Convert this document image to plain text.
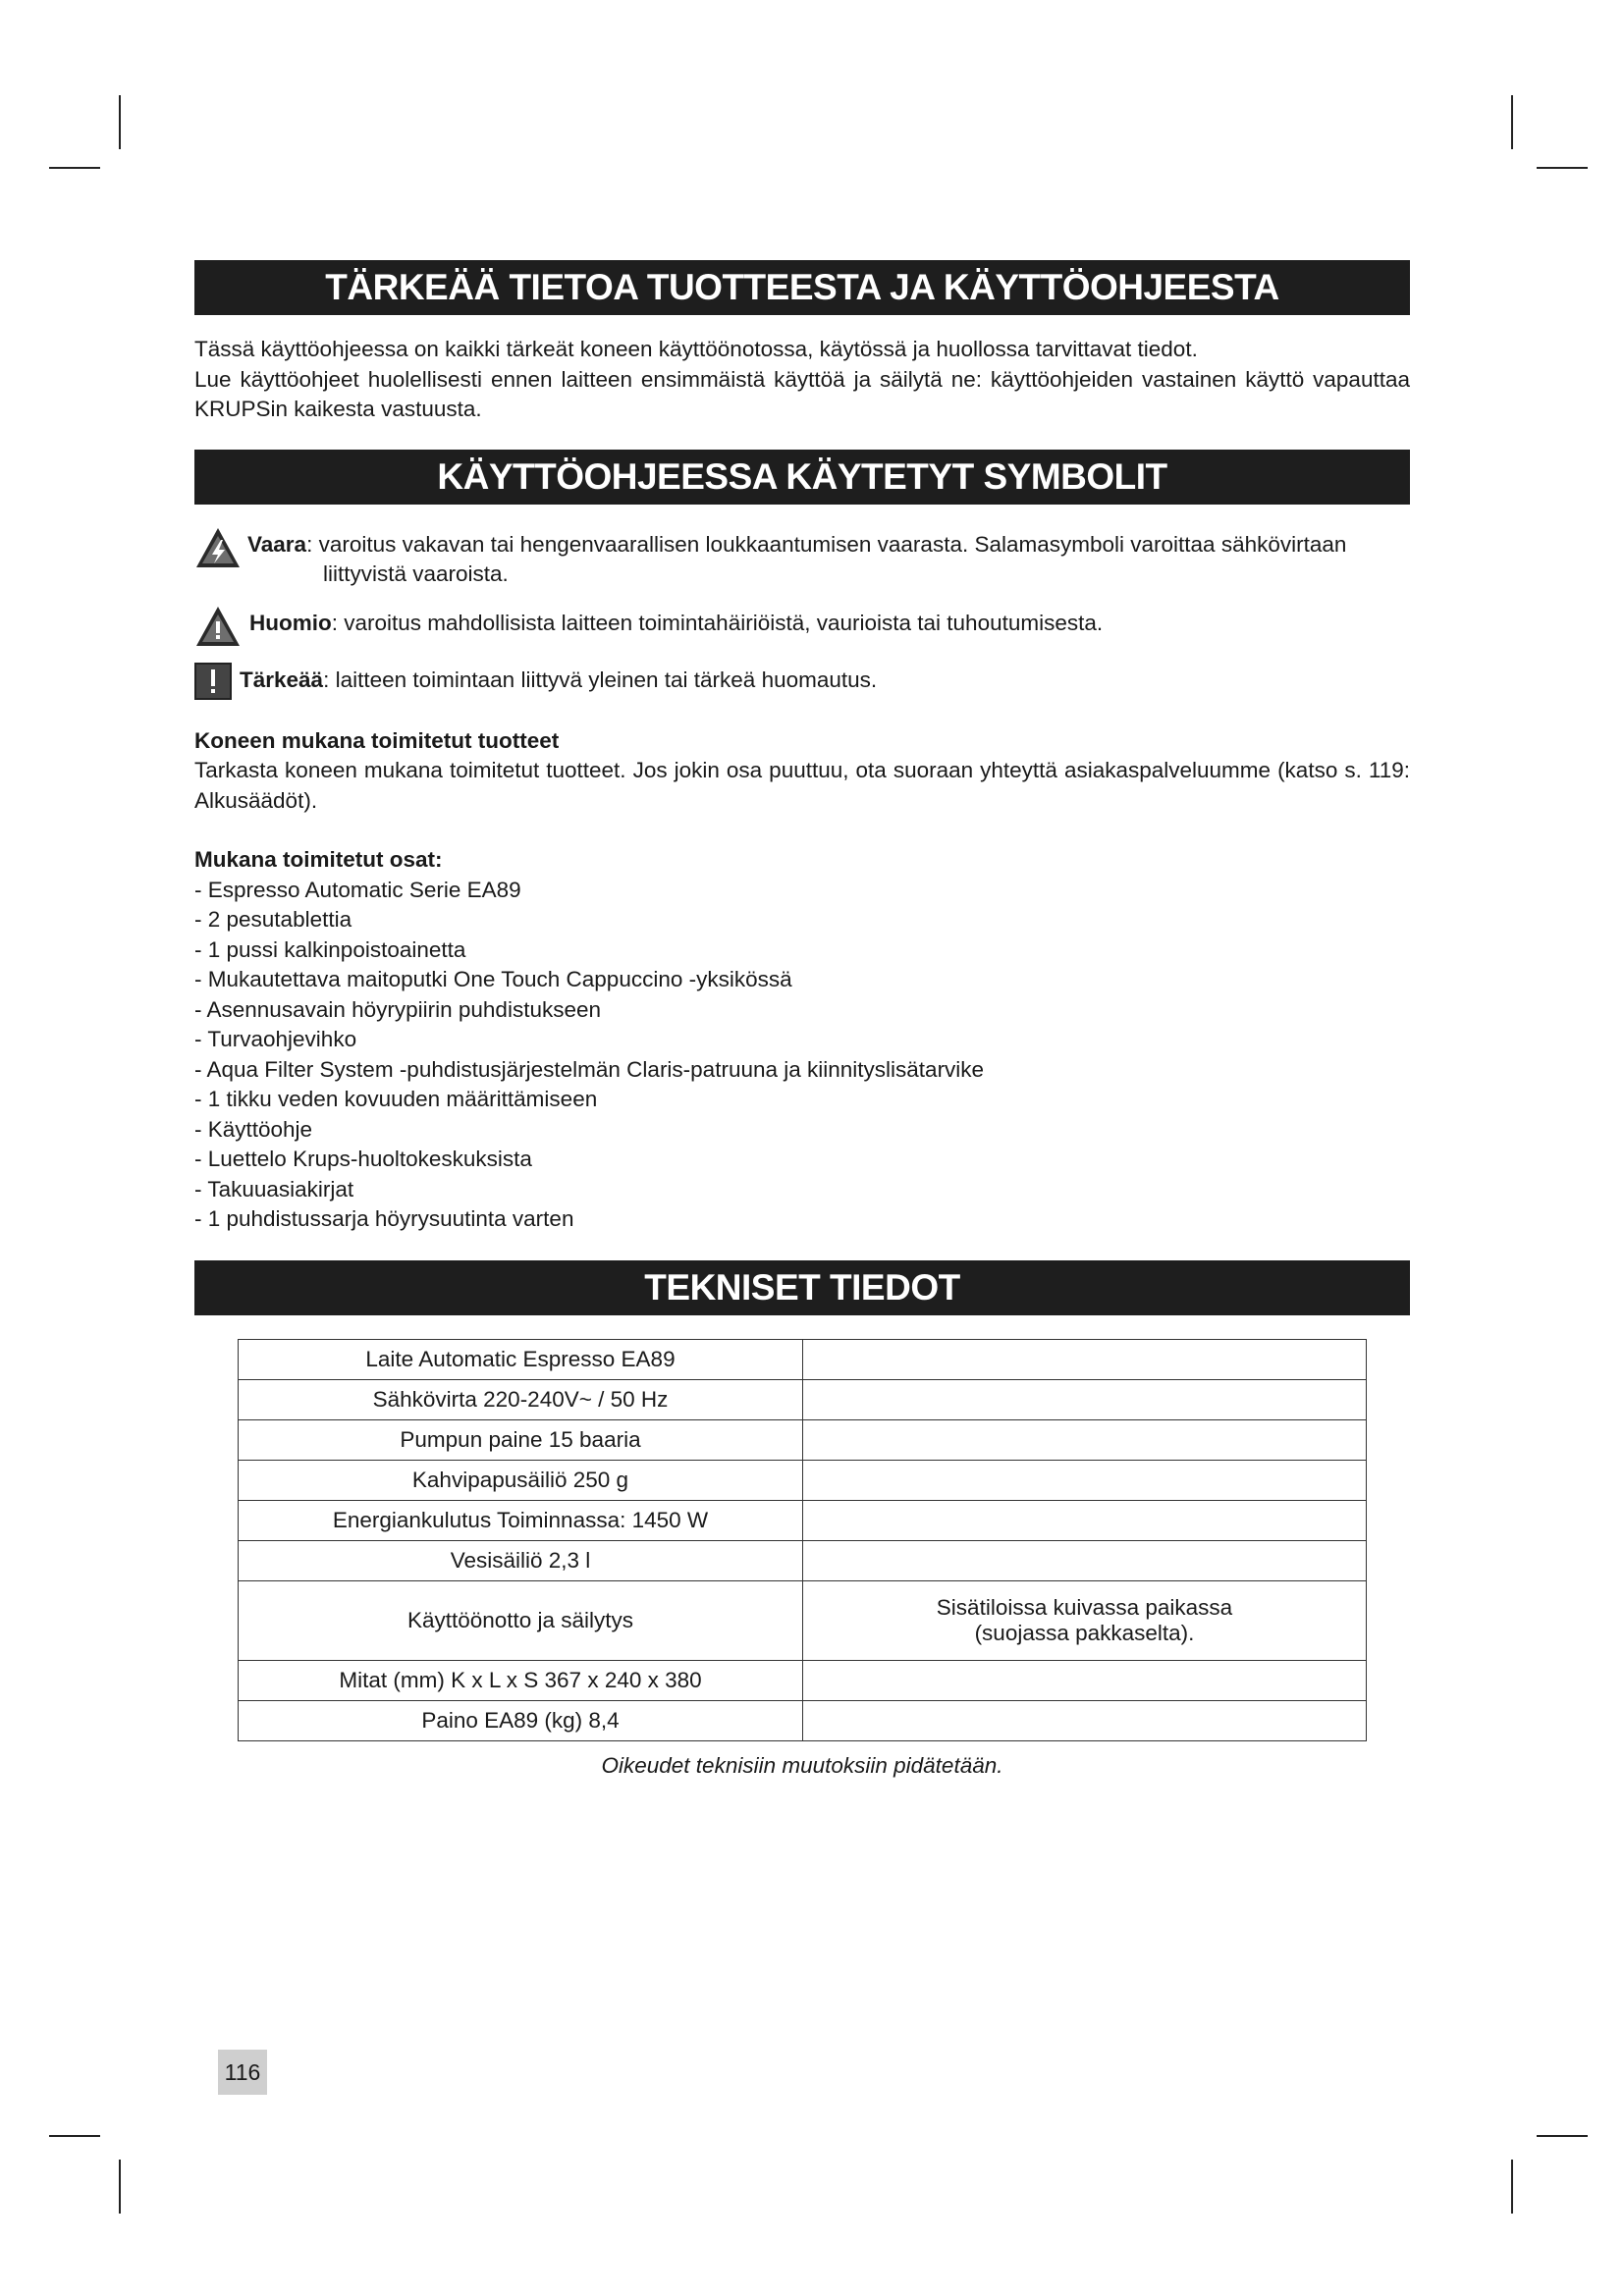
TÄRKEÄÄ TIETOA TUOTTEESTA JA KÄYTTÖOHJEESTA

Tässä käyttöohjeessa on kaikki tärkeät koneen käyttöönotossa, käytössä ja huollossa tarvittavat tiedot.

Lue käyttöohjeet huolellisesti ennen laitteen ensimmäistä käyttöä ja säilytä ne: käyttöohjeiden vastainen käyttö vapauttaa KRUPSin kaikesta vastuusta.

KÄYTTÖOHJEESSA KÄYTETYT SYMBOLIT
Vaara: varoitus vakavan tai hengenvaarallisen loukkaantumisen vaarasta. Salamasymboli varoittaa sähkövirtaan
liittyvistä vaaroista.
Huomio: varoitus mahdollisista laitteen toimintahäiriöistä, vaurioista tai tuhoutumisesta.
Tärkeää: laitteen toimintaan liittyvä yleinen tai tärkeä huomautus.

Koneen mukana toimitetut tuotteet

Tarkasta koneen mukana toimitetut tuotteet. Jos jokin osa puuttuu, ota suoraan yhteyttä asiakaspalveluumme (katso s. 119: Alkusäädöt).

Mukana toimitetut osat:

- Espresso Automatic Serie EA89
- 2 pesutablettia
- 1 pussi kalkinpoistoainetta
- Mukautettava maitoputki One Touch Cappuccino -yksikössä
- Asennusavain höyrypiirin puhdistukseen
- Turvaohjevihko
- Aqua Filter System -puhdistusjärjestelmän Claris-patruuna ja kiinnityslisätarvike
- 1 tikku veden kovuuden määrittämiseen
- Käyttöohje
- Luettelo Krups-huoltokeskuksista
- Takuuasiakirjat
- 1 puhdistussarja höyrysuutinta varten
TEKNISET TIEDOT
Laite Automatic Espresso EA89	
Sähkövirta 220-240V~ / 50 Hz	
Pumpun paine 15 baaria	
Kahvipapusäiliö 250 g	
Energiankulutus Toiminnassa: 1450 W	
Vesisäiliö 2,3 l	
Käyttöönotto ja säilytys	Sisätiloissa kuivassa paikassa
(suojassa pakkaselta).

Mitat (mm) K x L x S 367 x 240 x 380	
Paino EA89 (kg) 8,4	
Oikeudet teknisiin muutoksiin pidätetään.
116
